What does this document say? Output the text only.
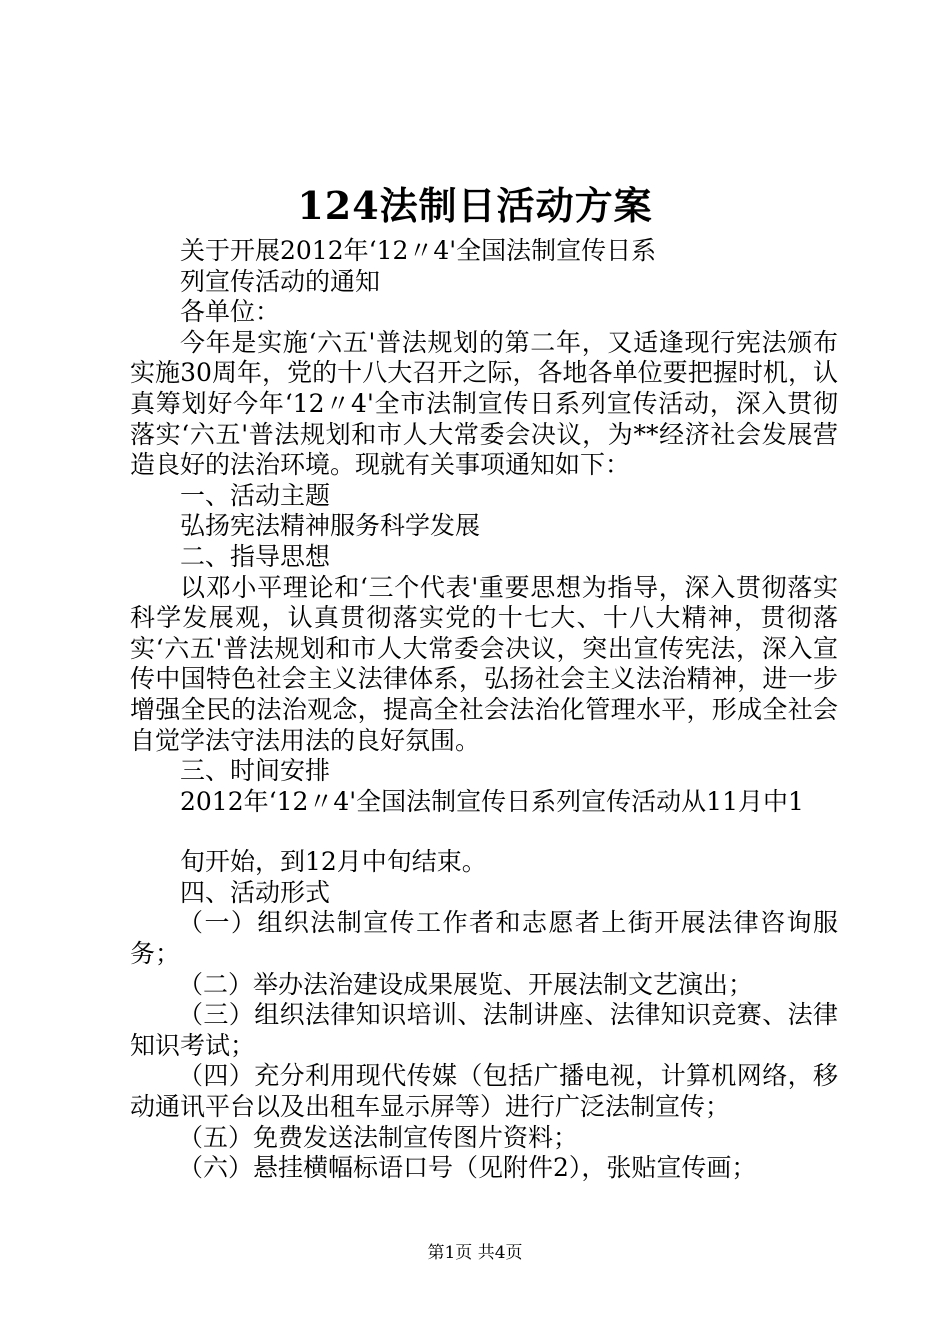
124法制日活动方案

关于开展2012年‘12〃4'全国法制宣传日系

列宣传活动的通知

各单位：

今年是实施‘六五'普法规划的第二年，又适逢现行宪法颁布实施30周年，党的十八大召开之际，各地各单位要把握时机，认真筹划好今年‘12〃4'全市法制宣传日系列宣传活动，深入贯彻落实‘六五'普法规划和市人大常委会决议，为**经济社会发展营造良好的法治环境。现就有关事项通知如下：

一、活动主题

弘扬宪法精神服务科学发展

二、指导思想

以邓小平理论和‘三个代表'重要思想为指导，深入贯彻落实科学发展观，认真贯彻落实党的十七大、十八大精神，贯彻落实‘六五'普法规划和市人大常委会决议，突出宣传宪法，深入宣传中国特色社会主义法律体系，弘扬社会主义法治精神，进一步增强全民的法治观念，提高全社会法治化管理水平，形成全社会自觉学法守法用法的良好氛围。

三、时间安排

2012年‘12〃4'全国法制宣传日系列宣传活动从11月中1

旬开始，到12月中旬结束。

四、活动形式

（一）组织法制宣传工作者和志愿者上街开展法律咨询服务；

（二）举办法治建设成果展览、开展法制文艺演出；

（三）组织法律知识培训、法制讲座、法律知识竞赛、法律知识考试；

（四）充分利用现代传媒（包括广播电视，计算机网络，移动通讯平台以及出租车显示屏等）进行广泛法制宣传；

（五）免费发送法制宣传图片资料；

（六）悬挂横幅标语口号（见附件2），张贴宣传画；

第1页 共4页
